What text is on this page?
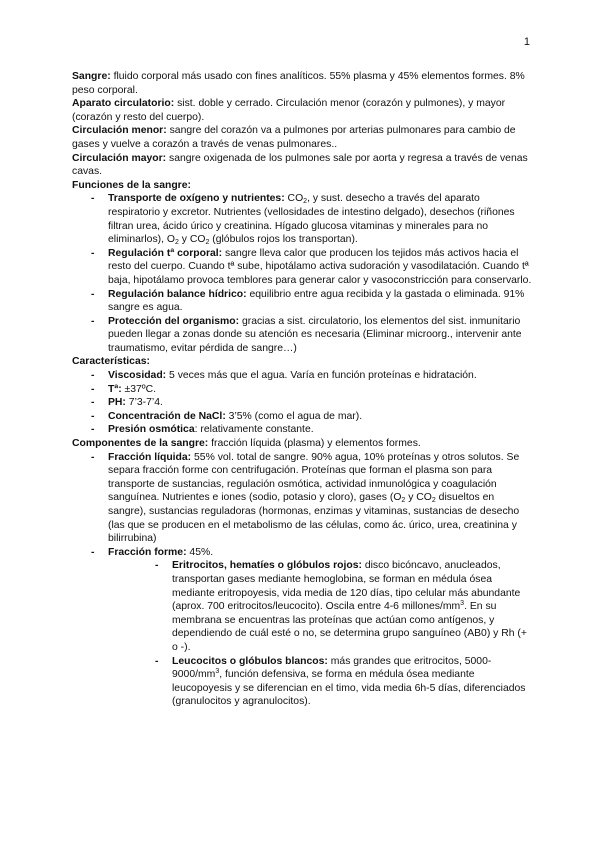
1

Sangre: fluido corporal más usado con fines analíticos. 55% plasma y 45% elementos formes. 8% peso corporal.

Aparato circulatorio: sist. doble y cerrado. Circulación menor (corazón y pulmones), y mayor (corazón y resto del cuerpo).

Circulación menor: sangre del corazón va a pulmones por arterias pulmonares para cambio de gases y vuelve a corazón a través de venas pulmonares..

Circulación mayor: sangre oxigenada de los pulmones sale por aorta y regresa a través de venas cavas.

Funciones de la sangre:

- Transporte de oxígeno y nutrientes: $CO_2$, y sust. desecho a través del aparato respiratorio y excretor. Nutrientes (vellosidades de intestino delgado), desechos (riñones filtran urea, ácido úrico y creatinina. Hígado glucosa vitaminas y minerales para no eliminarlos), $O_2$ y $CO_2$ (glóbulos rojos los transportan).
- Regulación tª corporal: sangre lleva calor que producen los tejidos más activos hacia el resto del cuerpo. Cuando tª sube, hipotálamo activa sudoración y vasodilatación. Cuando tª baja, hipotálamo provoca temblores para generar calor y vasoconstricción para conservarlo.
- Regulación balance hídrico: equilibrio entre agua recibida y la gastada o eliminada. 91% sangre es agua.
- Protección del organismo: gracias a sist. circulatorio, los elementos del sist. inmunitario pueden llegar a zonas donde su atención es necesaria (Eliminar microorg., intervenir ante traumatismo, evitar pérdida de sangre…)

Características:

- Viscosidad: 5 veces más que el agua. Varía en función proteínas e hidratación.
- Tª: ±37ºC.
- PH: 7’3-7’4.
- Concentración de NaCl: 3’5% (como el agua de mar).
- Presión osmótica: relativamente constante.

Componentes de la sangre: fracción líquida (plasma) y elementos formes.

- Fracción líquida: 55% vol. total de sangre. 90% agua, 10% proteínas y otros solutos. Se separa fracción forme con centrifugación. Proteínas que forman el plasma son para transporte de sustancias, regulación osmótica, actividad inmunológica y coagulación sanguínea. Nutrientes e iones (sodio, potasio y cloro), gases ($O_2$ y $CO_2$ disueltos en sangre), sustancias reguladoras (hormonas, enzimas y vitaminas, sustancias de desecho (las que se producen en el metabolismo de las células, como ác. úrico, urea, creatinina y bilirrubina)
- Fracción forme: 45%.
- Eritrocitos, hematíes o glóbulos rojos: disco bicóncavo, anucleados, transportan gases mediante hemoglobina, se forman en médula ósea mediante eritropoyesis, vida media de 120 días, tipo celular más abundante (aprox. 700 eritrocitos/leucocito). Oscila entre 4-6 millones/$mm^3$. En su membrana se encuentras las proteínas que actúan como antígenos, y dependiendo de cuál esté o no, se determina grupo sanguíneo (AB0) y Rh (+ o -).
- Leucocitos o glóbulos blancos: más grandes que eritrocitos, $5000-9000/mm^3$, función defensiva, se forma en médula ósea mediante leucopoyesis y se diferencian en el timo, vida media 6h-5 días, diferenciados (granulocitos y agranulocitos).
